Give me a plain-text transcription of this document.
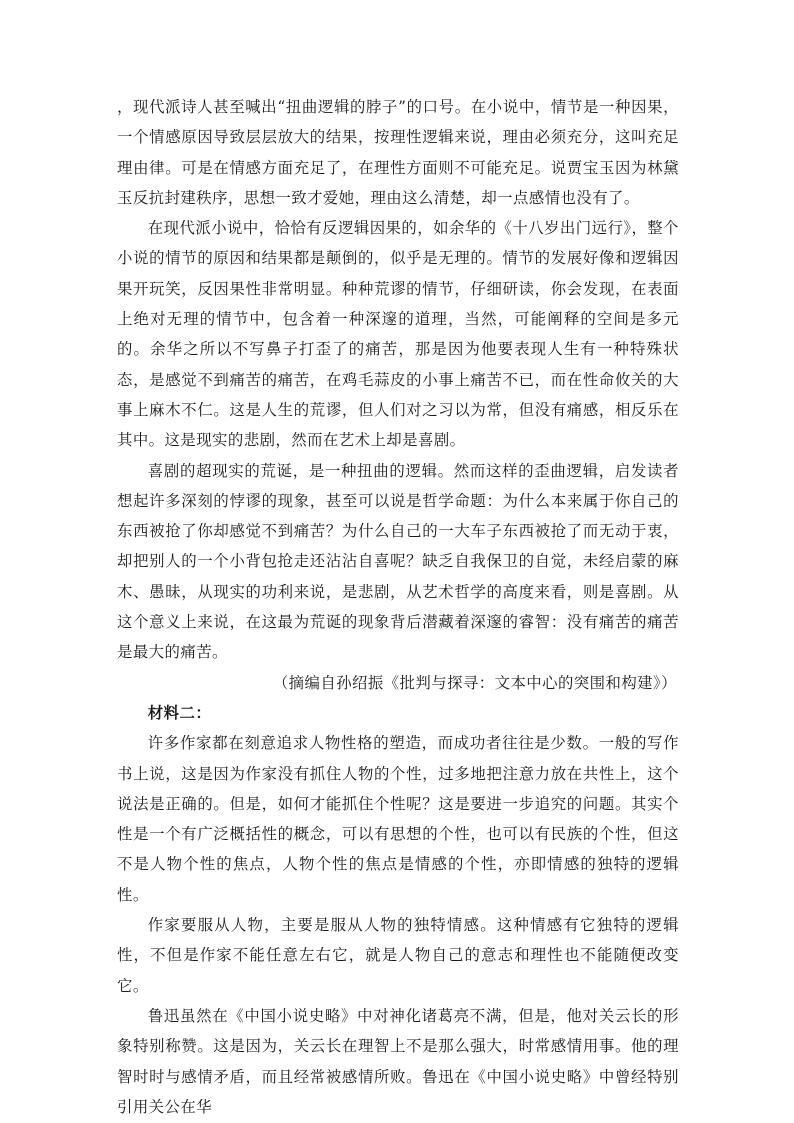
，现代派诗人甚至喊出“扭曲逻辑的脖子”的口号。在小说中，情节是一种因果，一个情感原因导致层层放大的结果，按理性逻辑来说，理由必须充分，这叫充足理由律。可是在情感方面充足了，在理性方面则不可能充足。说贾宝玉因为林黛玉反抗封建秩序，思想一致才爱她，理由这么清楚，却一点感情也没有了。

在现代派小说中，恰恰有反逻辑因果的，如余华的《十八岁出门远行》，整个小说的情节的原因和结果都是颠倒的，似乎是无理的。情节的发展好像和逻辑因果开玩笑，反因果性非常明显。种种荒谬的情节，仔细研读，你会发现，在表面上绝对无理的情节中，包含着一种深邃的道理，当然，可能阐释的空间是多元的。余华之所以不写鼻子打歪了的痛苦，那是因为他要表现人生有一种特殊状态，是感觉不到痛苦的痛苦，在鸡毛蒜皮的小事上痛苦不已，而在性命攸关的大事上麻木不仁。这是人生的荒谬，但人们对之习以为常，但没有痛感，相反乐在其中。这是现实的悲剧，然而在艺术上却是喜剧。

喜剧的超现实的荒诞，是一种扭曲的逻辑。然而这样的歪曲逻辑，启发读者想起许多深刻的悖谬的现象，甚至可以说是哲学命题：为什么本来属于你自己的东西被抢了你却感觉不到痛苦？为什么自己的一大车子东西被抢了而无动于衷，却把别人的一个小背包抢走还沾沾自喜呢？缺乏自我保卫的自觉，未经启蒙的麻木、愚昧，从现实的功利来说，是悲剧，从艺术哲学的高度来看，则是喜剧。从这个意义上来说，在这最为荒诞的现象背后潜藏着深邃的睿智：没有痛苦的痛苦是最大的痛苦。

（摘编自孙绍振《批判与探寻：文本中心的突围和构建》）

材料二：

许多作家都在刻意追求人物性格的塑造，而成功者往往是少数。一般的写作书上说，这是因为作家没有抓住人物的个性，过多地把注意力放在共性上，这个说法是正确的。但是，如何才能抓住个性呢？这是要进一步追究的问题。其实个性是一个有广泛概括性的概念，可以有思想的个性，也可以有民族的个性，但这不是人物个性的焦点，人物个性的焦点是情感的个性，亦即情感的独特的逻辑性。

作家要服从人物，主要是服从人物的独特情感。这种情感有它独特的逻辑性，不但是作家不能任意左右它，就是人物自己的意志和理性也不能随便改变它。

鲁迅虽然在《中国小说史略》中对神化诸葛亮不满，但是，他对关云长的形象特别称赞。这是因为，关云长在理智上不是那么强大，时常感情用事。他的理智时时与感情矛盾，而且经常被感情所败。鲁迅在《中国小说史略》中曾经特别引用关公在华
